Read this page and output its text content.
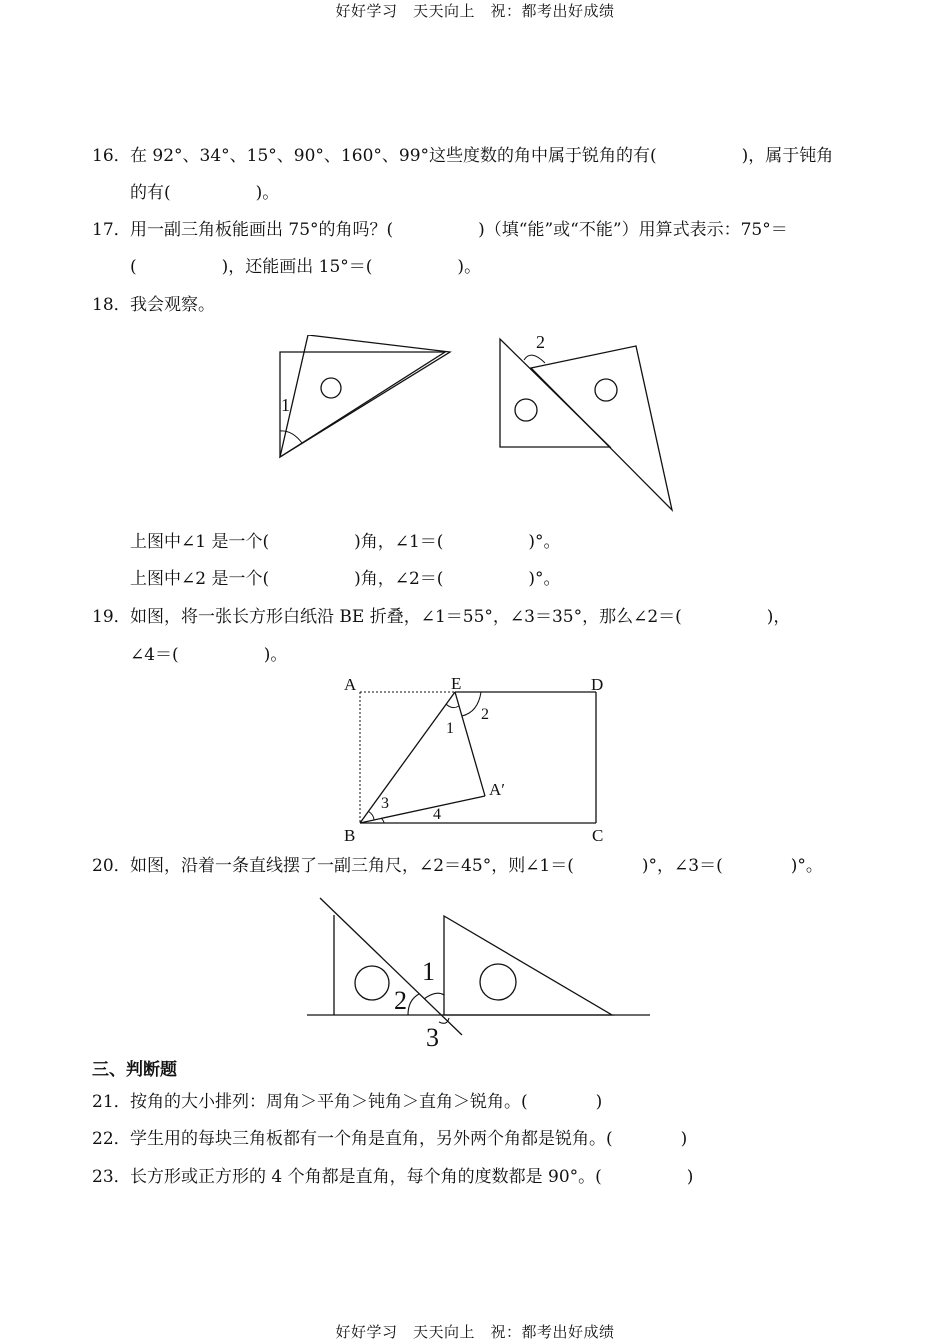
好好学习　天天向上　祝：都考出好成绩
16． 在 92°、34°、15°、90°、160°、99°这些度数的角中属于锐角的有(　　　　　)，属于钝角
的有(　　　　　)。
17． 用一副三角板能画出 75°的角吗？(　　　　　)（填“能”或“不能”）用算式表示：75°＝
(　　　　　)，还能画出 15°＝(　　　　　)。
18． 我会观察。
1
2
上图中∠1 是一个(　　　　　)角，∠1＝(　　　　　)°。
上图中∠2 是一个(　　　　　)角，∠2＝(　　　　　)°。
19． 如图，将一张长方形白纸沿 BE 折叠，∠1＝55°，∠3＝35°，那么∠2＝(　　　　　)，
∠4＝(　　　　　)。
A	E	D
B	C
A′
1
2
3
4
20． 如图，沿着一条直线摆了一副三角尺，∠2＝45°，则∠1＝(　　　　)°，∠3＝(　　　　)°。
1
2
3
三、判断题
21． 按角的大小排列：周角＞平角＞钝角＞直角＞锐角。(　　　　)
22． 学生用的每块三角板都有一个角是直角，另外两个角都是锐角。(　　　　)
23． 长方形或正方形的 4 个角都是直角，每个角的度数都是 90°。(　　　　　)
好好学习　天天向上　祝：都考出好成绩
